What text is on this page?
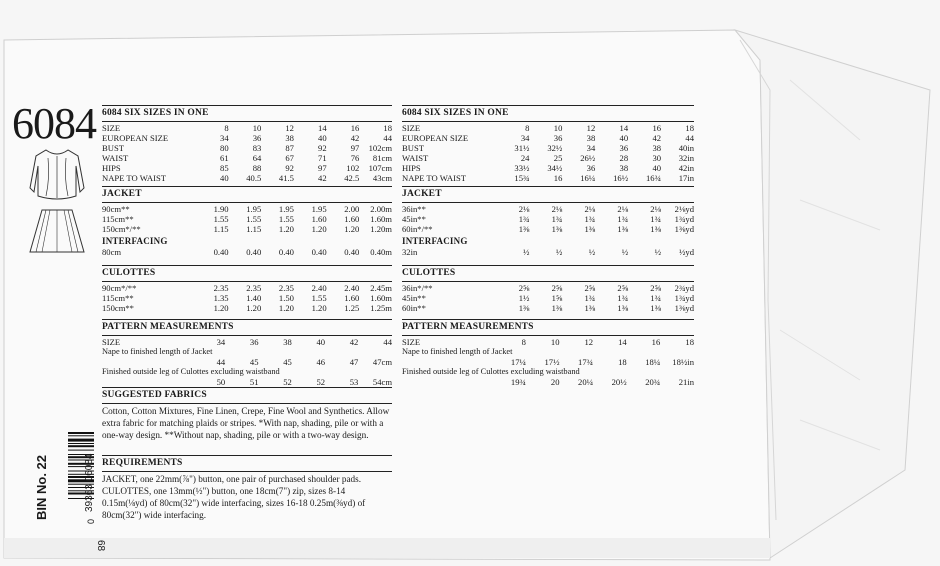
6084 6084 SIX SIZES IN ONE
SIZE	8	10	12	14	16	18
EUROPEAN SIZE	34	36	38	40	42	44
BUST	80	83	87	92	97	102cm
WAIST	61	64	67	71	76	81cm
HIPS	85	88	92	97	102	107cm
NAPE TO WAIST	40	40.5	41.5	42	42.5	43cm
JACKET
90cm**	1.90	1.95	1.95	1.95	2.00	2.00m
115cm**	1.55	1.55	1.55	1.60	1.60	1.60m
150cm*/**	1.15	1.15	1.20	1.20	1.20	1.20m
INTERFACING
80cm	0.40	0.40	0.40	0.40	0.40	0.40m
CULOTTES
90cm*/**	2.35	2.35	2.35	2.40	2.40	2.45m
115cm**	1.35	1.40	1.50	1.55	1.60	1.60m
150cm**	1.20	1.20	1.20	1.20	1.25	1.25m
PATTERN MEASUREMENTS
SIZE	34	36	38	40	42	44
Nape to finished length of Jacket						
	44	45	45	46	47	47cm
Finished outside leg of Culottes excluding waistband						
	50	51	52	52	53	54cm
6084 SIX SIZES IN ONE
SIZE	8	10	12	14	16	18
EUROPEAN SIZE	34	36	38	40	42	44
BUST	31½	32½	34	36	38	40in
WAIST	24	25	26½	28	30	32in
HIPS	33½	34½	36	38	40	42in
NAPE TO WAIST	15¾	16	16¼	16½	16¾	17in
JACKET
36in**	2⅛	2⅛	2⅛	2⅛	2⅛	2⅛yd
45in**	1¾	1¾	1¾	1¾	1¾	1¾yd
60in*/**	1⅜	1⅜	1⅜	1⅜	1⅜	1⅜yd
INTERFACING
32in	½	½	½	½	½	½yd
CULOTTES
36in*/**	2⅝	2⅝	2⅝	2⅝	2⅝	2¾yd
45in**	1½	1⅝	1¾	1¾	1¾	1¾yd
60in**	1⅜	1⅜	1⅜	1⅜	1⅜	1⅜yd
PATTERN MEASUREMENTS
SIZE	8	10	12	14	16	18
Nape to finished length of Jacket						
	17¼	17½	17¾	18	18¼	18½in
Finished outside leg of Culottes excluding waistband						
	19¾	20	20¼	20½	20¾	21in
SUGGESTED FABRICS
Cotton, Cotton Mixtures, Fine Linen, Crepe, Fine Wool and Synthetics. Allow extra fabric for matching plaids or stripes. *With nap, shading, pile or with a one-way design. **Without nap, shading, pile or with a two-way design.
REQUIREMENTS
JACKET, one 22mm(⅞") button, one pair of purchased shoulder pads. CULOTTES, one 13mm(½") button, one 18cm(7") zip, sizes 8-14 0.15m(⅛yd) of 80cm(32") wide interfacing, sizes 16-18 0.25m(⅜yd) of 80cm(32") wide interfacing.
BIN No. 22
0
39363 06084
68
